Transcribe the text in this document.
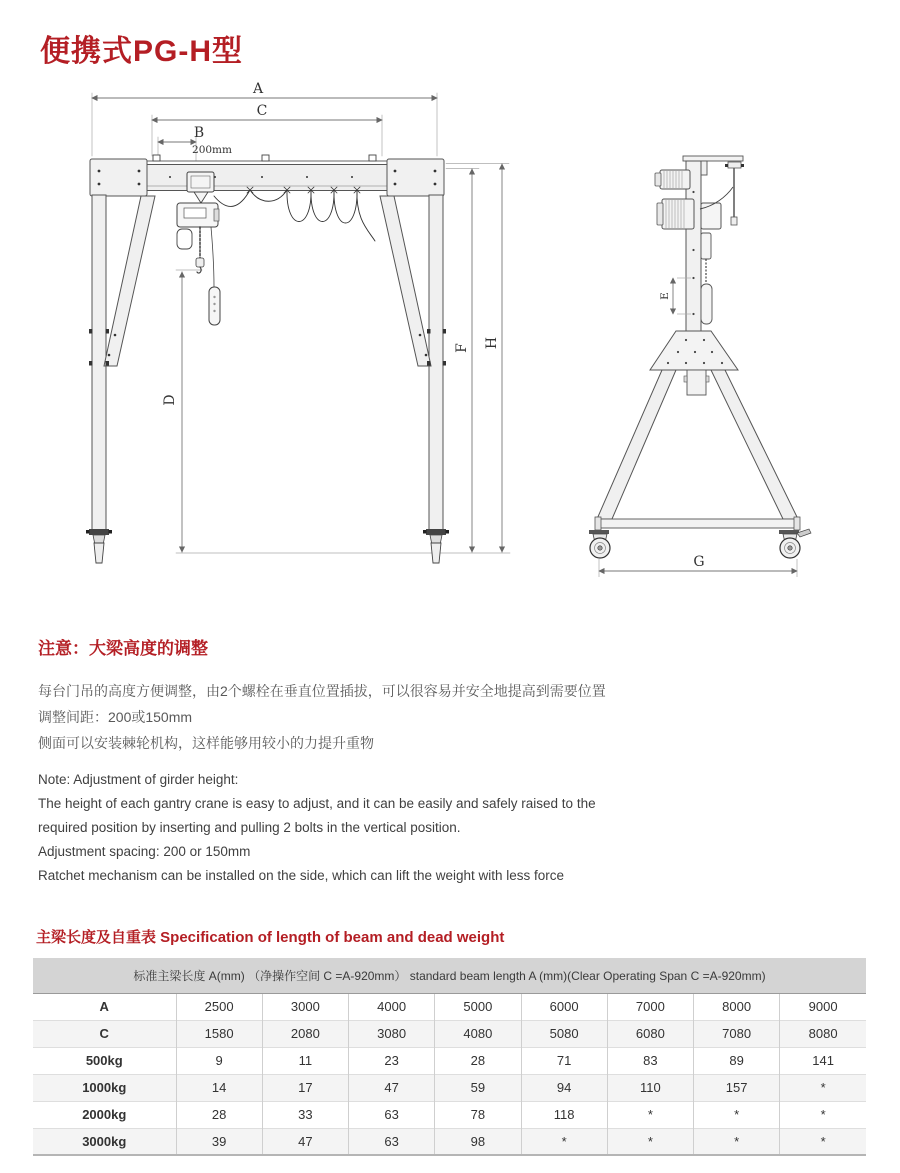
便携式PG-H型
A
C
B
200mm
D
F H
E
G
注意：大梁高度的调整
每台门吊的高度方便调整，由2个螺栓在垂直位置插拔，可以很容易并安全地提高到需要位置
调整间距：200或150mm
侧面可以安装棘轮机构，这样能够用较小的力提升重物
Note: Adjustment of girder height:
The height of each gantry crane is easy to adjust, and it can be easily and safely raised to the
required position by inserting and pulling 2 bolts in the vertical position.
Adjustment spacing: 200 or 150mm
Ratchet mechanism can be installed on the side, which can lift the weight with less force
主梁长度及自重表 Specification of length of beam and dead weight
标准主梁长度 A(mm) （净操作空间 C =A-920mm） standard beam length A (mm)(Clear Operating Span C =A-920mm)								
A	2500	3000	4000	5000	6000	7000	8000	9000
C	1580	2080	3080	4080	5080	6080	7080	8080
500kg	9	11	23	28	71	83	89	141
1000kg	14	17	47	59	94	110	157	*
2000kg	28	33	63	78	118	*	*	*
3000kg	39	47	63	98	*	*	*	*
